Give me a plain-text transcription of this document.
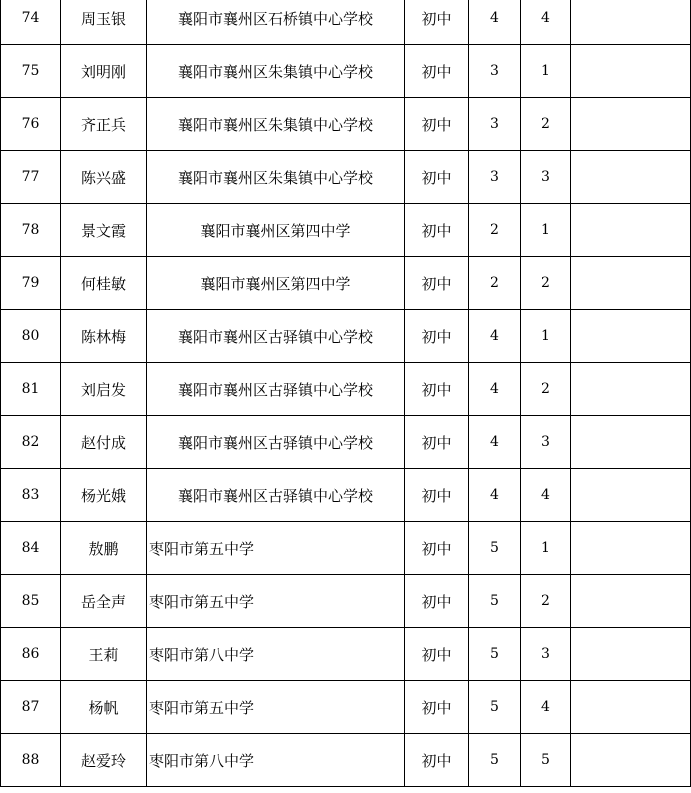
74	周玉银	襄阳市襄州区石桥镇中心学校	初中	4	4	
75	刘明刚	襄阳市襄州区朱集镇中心学校	初中	3	1	
76	齐正兵	襄阳市襄州区朱集镇中心学校	初中	3	2	
77	陈兴盛	襄阳市襄州区朱集镇中心学校	初中	3	3	
78	景文霞	襄阳市襄州区第四中学	初中	2	1	
79	何桂敏	襄阳市襄州区第四中学	初中	2	2	
80	陈林梅	襄阳市襄州区古驿镇中心学校	初中	4	1	
81	刘启发	襄阳市襄州区古驿镇中心学校	初中	4	2	
82	赵付成	襄阳市襄州区古驿镇中心学校	初中	4	3	
83	杨光娥	襄阳市襄州区古驿镇中心学校	初中	4	4	
84	敖鹏	枣阳市第五中学	初中	5	1	
85	岳全声	枣阳市第五中学	初中	5	2	
86	王莉	枣阳市第八中学	初中	5	3	
87	杨帆	枣阳市第五中学	初中	5	4	
88	赵爱玲	枣阳市第八中学	初中	5	5	
